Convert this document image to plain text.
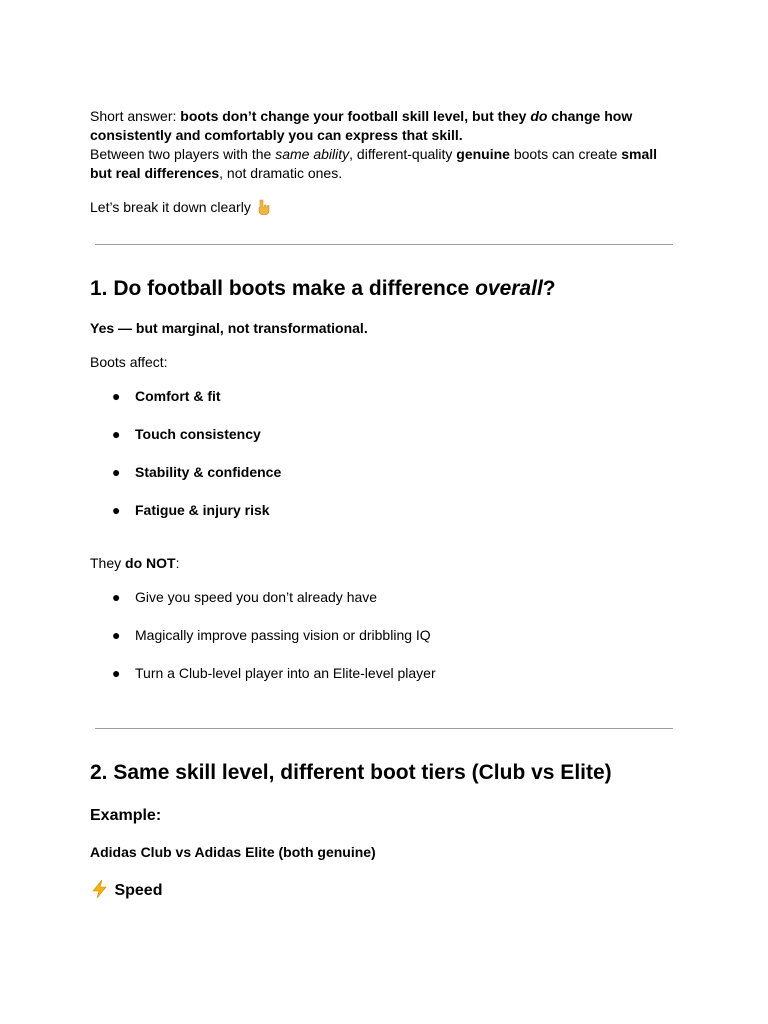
Short answer: boots don’t change your football skill level, but they do change how consistently and comfortably you can express that skill.
Between two players with the same ability, different-quality genuine boots can create small but real differences, not dramatic ones.

Let’s break it down clearly

1. Do football boots make a difference overall?

Yes — but marginal, not transformational.

Boots affect:

● Comfort & fit
● Touch consistency
● Stability & confidence
● Fatigue & injury risk

They do NOT:

● Give you speed you don’t already have
● Magically improve passing vision or dribbling IQ
● Turn a Club-level player into an Elite-level player
2. Same skill level, different boot tiers (Club vs Elite)
Example:

Adidas Club vs Adidas Elite (both genuine)

Speed
